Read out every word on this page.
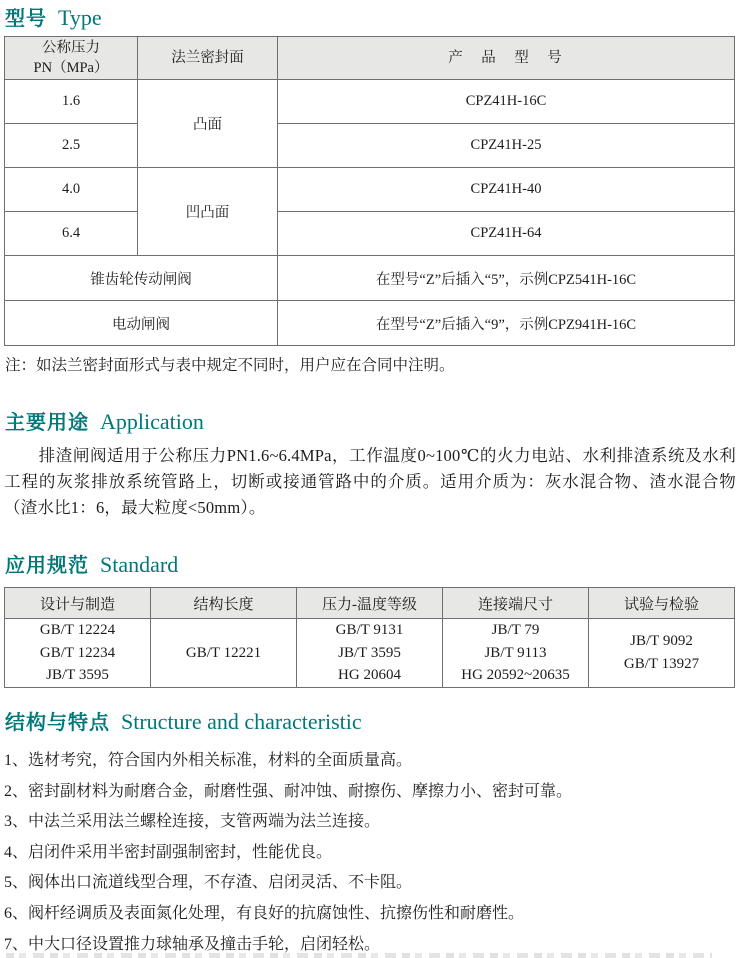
型号 Type
公称压力
PN（MPa）	法兰密封面	产　品　型　号
1.6	凸面	CPZ41H-16C
2.5		CPZ41H-25
4.0	凹凸面	CPZ41H-40
6.4		CPZ41H-64
锥齿轮传动闸阀		在型号“Z”后插入“5”，示例CPZ541H-16C
电动闸阀		在型号“Z”后插入“9”，示例CPZ941H-16C
注：如法兰密封面形式与表中规定不同时，用户应在合同中注明。
主要用途 Application

排渣闸阀适用于公称压力PN1.6~6.4MPa，工作温度0~100℃的火力电站、水利排渣系统及水利工程的灰浆排放系统管路上，切断或接通管路中的介质。适用介质为：灰水混合物、渣水混合物（渣水比1：6，最大粒度<50mm）。

应用规范 Standard
设计与制造	结构长度	压力-温度等级	连接端尺寸	试验与检验

GB/T 12224
GB/T 12234
JB/T 3595

GB/T 12221

GB/T 9131
JB/T 3595
HG 20604

JB/T 79
JB/T 9113
HG 20592~20635

JB/T 9092
GB/T 13927
结构与特点 Structure and characteristic
1、选材考究，符合国内外相关标准，材料的全面质量高。
2、密封副材料为耐磨合金，耐磨性强、耐冲蚀、耐擦伤、摩擦力小、密封可靠。
3、中法兰采用法兰螺栓连接，支管两端为法兰连接。
4、启闭件采用半密封副强制密封，性能优良。
5、阀体出口流道线型合理，不存渣、启闭灵活、不卡阻。
6、阀杆经调质及表面氮化处理，有良好的抗腐蚀性、抗擦伤性和耐磨性。
7、中大口径设置推力球轴承及撞击手轮，启闭轻松。
